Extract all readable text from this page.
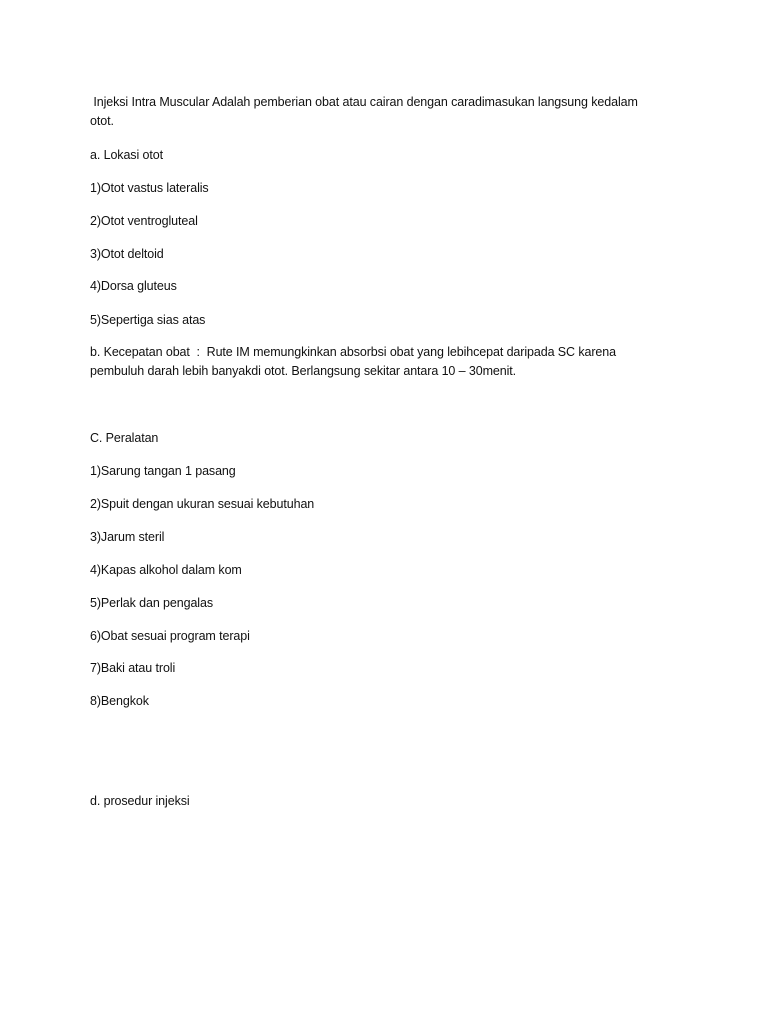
Injeksi Intra Muscular Adalah pemberian obat atau cairan dengan caradimasukan langsung kedalam
otot.
a. Lokasi otot
1)Otot vastus lateralis
2)Otot ventrogluteal
3)Otot deltoid
4)Dorsa gluteus
5)Sepertiga sias atas
b. Kecepatan obat  :  Rute IM memungkinkan absorbsi obat yang lebihcepat daripada SC karena
pembuluh darah lebih banyakdi otot. Berlangsung sekitar antara 10 – 30menit.
C. Peralatan
1)Sarung tangan 1 pasang
2)Spuit dengan ukuran sesuai kebutuhan
3)Jarum steril
4)Kapas alkohol dalam kom
5)Perlak dan pengalas
6)Obat sesuai program terapi
7)Baki atau troli
8)Bengkok
d. prosedur injeksi
